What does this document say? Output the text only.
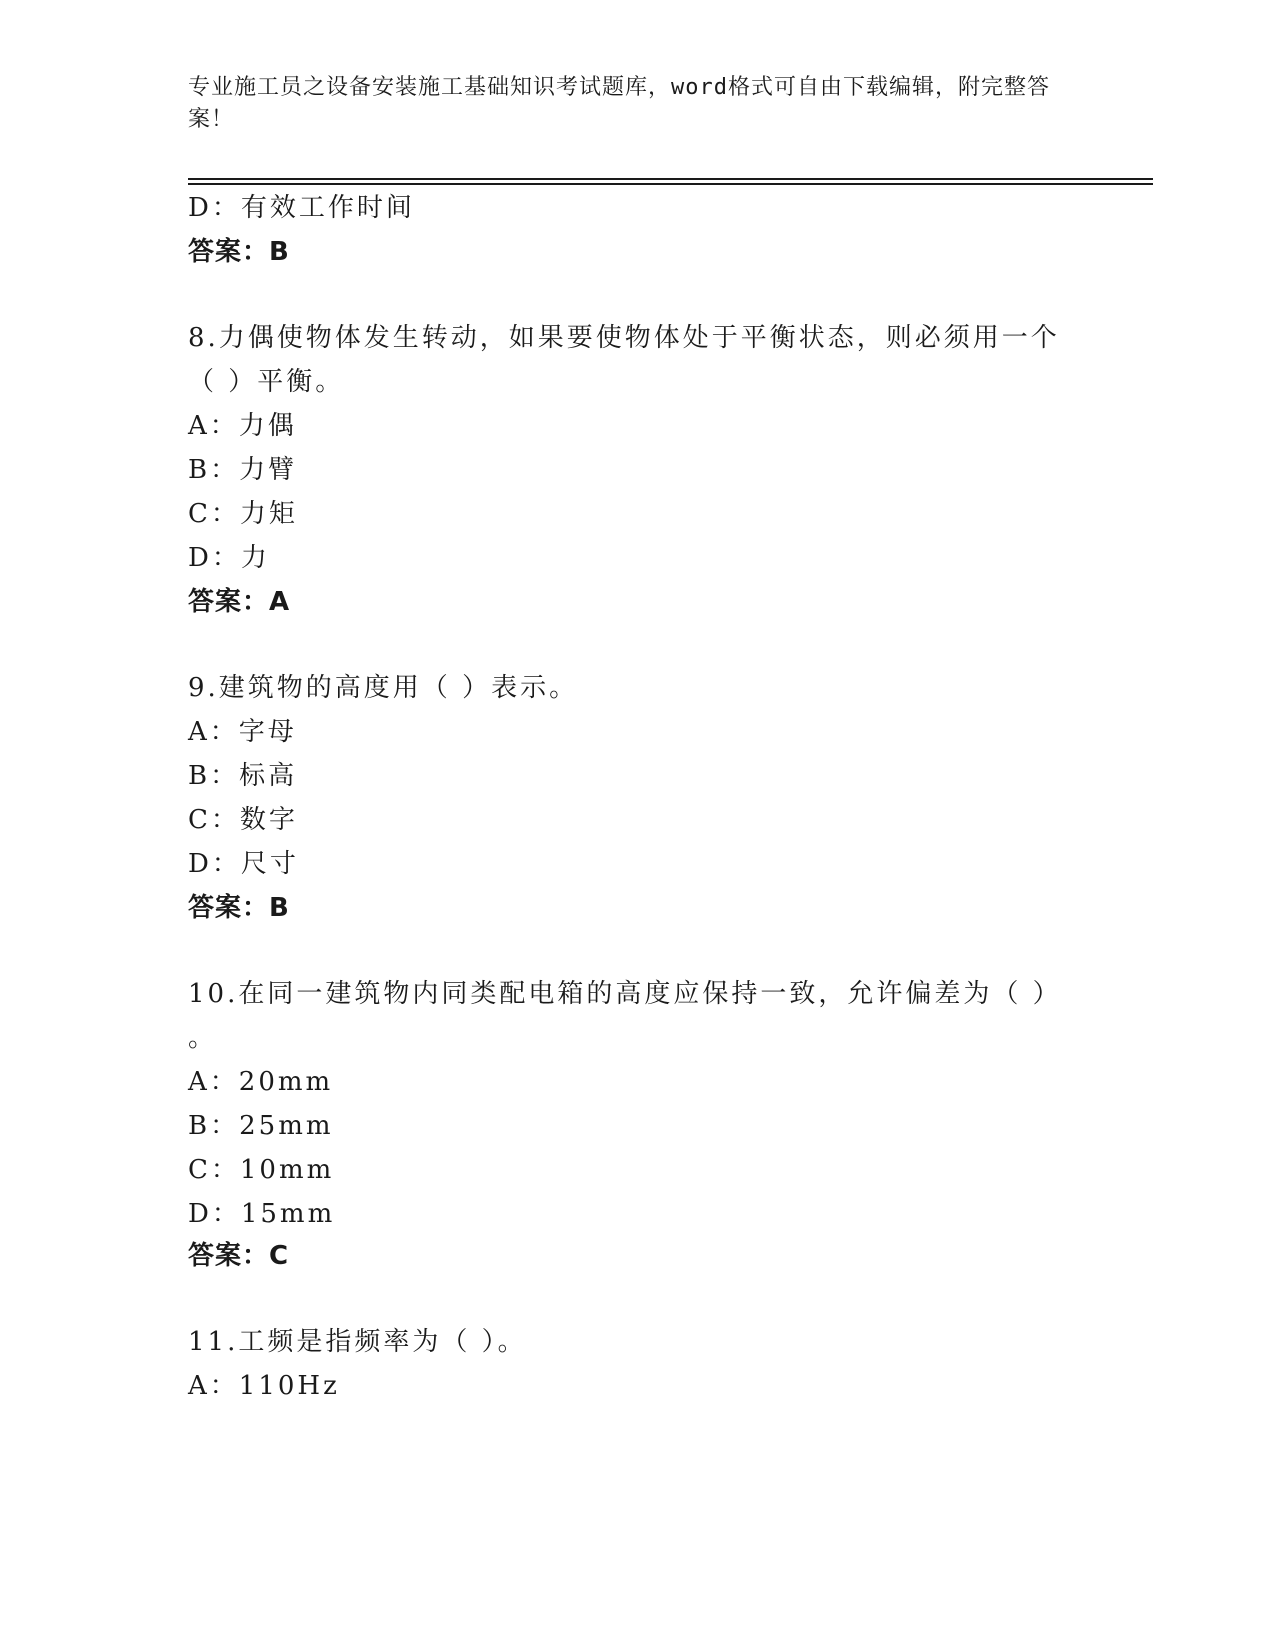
专业施工员之设备安装施工基础知识考试题库，word格式可自由下载编辑，附完整答案！
D：有效工作时间
答案：B
8.力偶使物体发生转动，如果要使物体处于平衡状态，则必须用一个
（ ）平衡。
A：力偶
B：力臂
C：力矩
D：力
答案：A
9.建筑物的高度用（ ）表示。
A：字母
B：标高
C：数字
D：尺寸
答案：B
10.在同一建筑物内同类配电箱的高度应保持一致，允许偏差为（ ）
。
A：20mm
B：25mm
C：10mm
D：15mm
答案：C
11.工频是指频率为（ ）。
A：110Hz
